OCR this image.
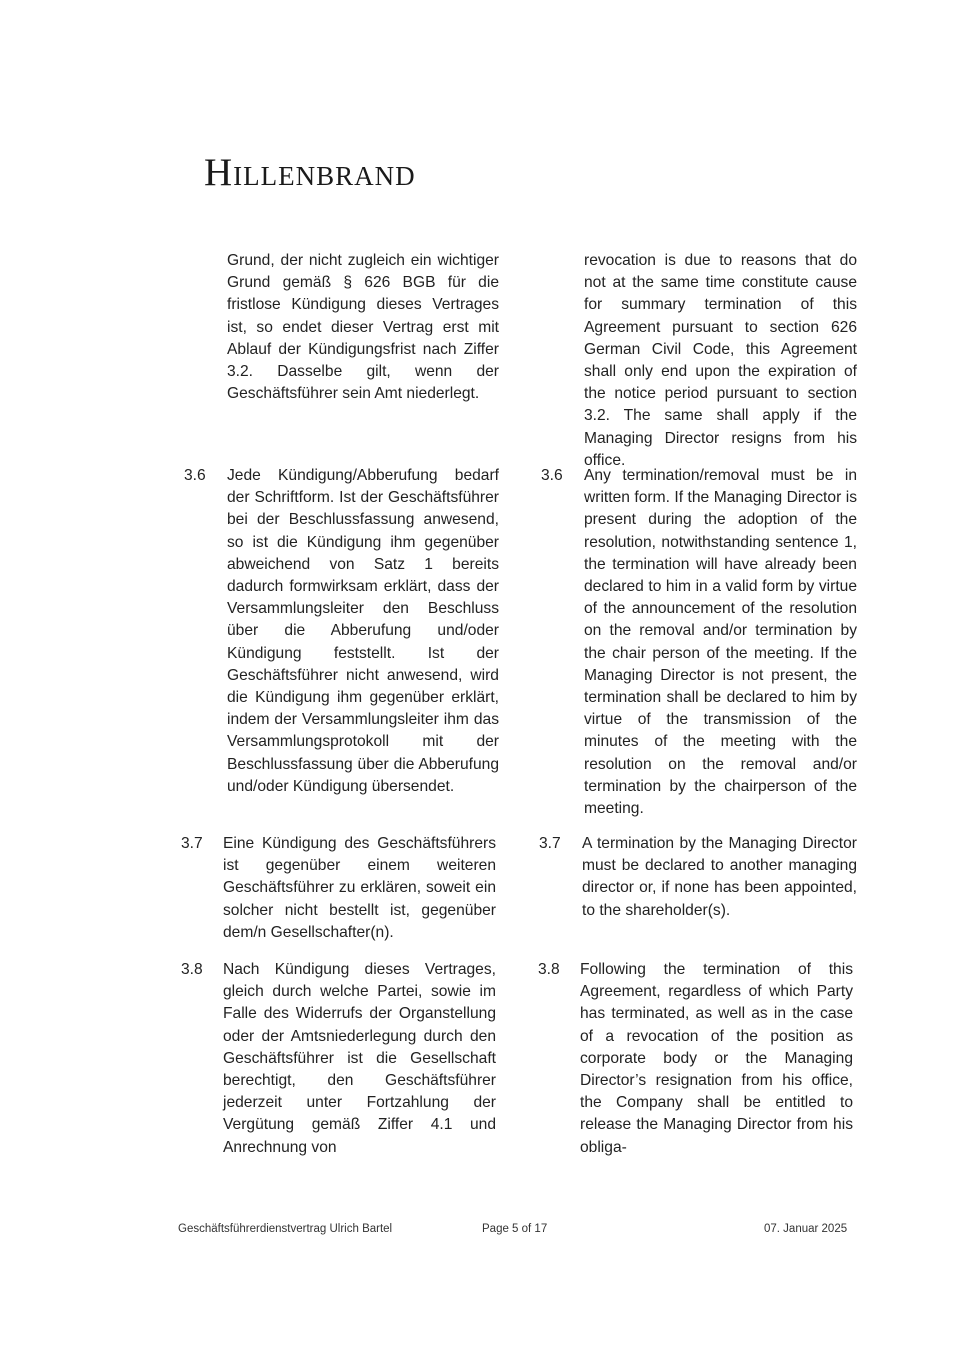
Hillenbrand
Grund, der nicht zugleich ein wichtiger Grund gemäß § 626 BGB für die fristlose Kündigung dieses Vertrages ist, so endet dieser Vertrag erst mit Ablauf der Kündigungsfrist nach Ziffer 3.2. Dasselbe gilt, wenn der Geschäftsführer sein Amt niederlegt.
revocation is due to reasons that do not at the same time constitute cause for summary termination of this Agreement pursuant to section 626 German Civil Code, this Agreement shall only end upon the expiration of the notice period pursuant to section 3.2. The same shall apply if the Managing Director resigns from his office.
3.6 Jede Kündigung/Abberufung bedarf der Schriftform. Ist der Geschäftsführer bei der Beschlussfassung anwesend, so ist die Kündigung ihm gegenüber abweichend von Satz 1 bereits dadurch formwirksam erklärt, dass der Versammlungsleiter den Beschluss über die Abberufung und/oder Kündigung feststellt. Ist der Geschäftsführer nicht anwesend, wird die Kündigung ihm gegenüber erklärt, indem der Versammlungsleiter ihm das Versammlungsprotokoll mit der Beschlussfassung über die Abberufung und/oder Kündigung übersendet.
3.6 Any termination/removal must be in written form. If the Managing Director is present during the adoption of the resolution, notwithstanding sentence 1, the termination will have already been declared to him in a valid form by virtue of the announcement of the resolution on the removal and/or termination by the chair person of the meeting. If the Managing Director is not present, the termination shall be declared to him by virtue of the transmission of the minutes of the meeting with the resolution on the removal and/or termination by the chairperson of the meeting.
3.7 Eine Kündigung des Geschäftsführers ist gegenüber einem weiteren Geschäftsführer zu erklären, soweit ein solcher nicht bestellt ist, gegenüber dem/n Gesellschafter(n).
3.7 A termination by the Managing Director must be declared to another managing director or, if none has been appointed, to the shareholder(s).
3.8 Nach Kündigung dieses Vertrages, gleich durch welche Partei, sowie im Falle des Widerrufs der Organstellung oder der Amtsniederlegung durch den Geschäftsführer ist die Gesellschaft berechtigt, den Geschäftsführer jederzeit unter Fortzahlung der Vergütung gemäß Ziffer 4.1 und Anrechnung von
3.8 Following the termination of this Agreement, regardless of which Party has terminated, as well as in the case of a revocation of the position as corporate body or the Managing Director’s resignation from his office, the Company shall be entitled to release the Managing Director from his obliga-
Geschäftsführerdienstvertrag Ulrich Bartel	Page 5 of 17	07. Januar 2025
